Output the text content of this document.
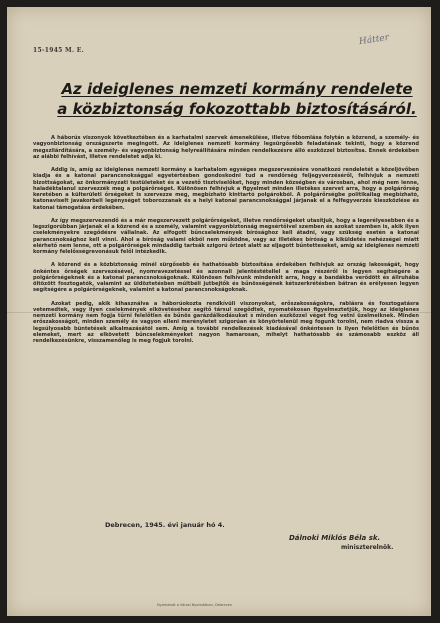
15-1945 M. E.
Hátter
Az ideiglenes nemzeti kormány rendelete
a közbiztonság fokozottabb biztosításáról.

A háborús viszonyok következtében és a karhatalmi szervek ámenekülése, illetve főbomlása folytán a közrend, a személy- és vagyonbiztonság országszerte megingott. Az ideiglenes nemzeti kormány legsürgősebb feladatának tekinti, hogy a közrend megszilárdítására, a személy- és vagyonbiztonság helyreállítására minden rendelkezésre álló eszközzel biztosítsa. Ennek érdekében az alábbi felhívást, illetve rendeletet adja ki.

Addig is, amíg az ideiglenes nemzeti kormány a karhatalom egységes megszervezésére vonatkozó rendeletét a közeljövőben kiadja és a katonai parancsnoksággal egyetértésben gondoskodni tud a rendőrség feljegyverzéséről, felhívjuk a nemzeti bizottságokat, az önkormányzati testületeket és a vezető tisztviselőket, hogy minden községben és városban, ahol még nem lenne, haladéktalanul szervezzék meg a polgárőrséget. Különösen felhívjuk a figyelmet minden illetékes szervet arra, hogy a polgárőrség keretében a külterületi őrségeket is szervezze meg, megbízható kinttartó polgárokból. A polgárőrségbe politikailag megbízható, katonaviselt javakorbeli legénységet toborozzanak és a helyi katonai parancsnoksággal járjanak el a felfegyverzés kieszközlése és katonai támogatása érdekében.

Az így megszervezendő és a már megszervezett polgárőrségeket, illetve rendőrségeket utasítjuk, hogy a legerélyesebben és a legszigorúbban járjanak el a közrend és a személy, valamint vagyonbiztonság megsértőivel szemben és azokat szemben is, akik ilyen cselekményekre szegődésre vállalnak. Az elfogott bűncselekmények bírósághoz kell átadni, vagy szükség esetén a katonai parancsnoksághoz kell vinni. Ahol a bíróság valami okból nem működne, vagy az illetékes bíróság a kiküldetés nehézségei miatt elérhető nem lenne, ott a polgárőrségek mindaddig tartsák szigorú őrizet alatt az eljagott bűntetteseket, amíg az ideiglenes nemzeti kormány felelősségrevonásuk felől intézkedik.

A közrend és a közbiztonság minél sürgősebb és hathatósabb biztosítása érdekében felhívjuk az ország lakosságát, hogy önkéntes őrségek szervezésével, nyomravezetéssel és azonnali jelentéstétellel a maga részéről is legyen segítségére a polgárőrségeknek és a katonai parancsnokságoknak. Különösen felhívunk mindenkit arra, hogy a bandákba verődött és állruhába öltözött fosztogatók, valamint az üldöztetésben múltbéli jutbejtők és bűnösségének kétszerkrétésben bátran és erélyesen legyen segítségére a polgárőrségeknek, valamint a katonai parancsnokságoknak.

Azokat pedig, akik kihasználva a háborúokozta rendkívüli viszonyokat, erőszakosságokra, rablásra és fosztogatásra vetemedtek, vagy ilyen cselekmények elkövetéséhez segítő társul szegődtek, nyomatékosan figyelmeztetjük, hogy az ideiglenes nemzeti kormány nem fogja tűrni felelőtlen és bűnös garázdálkodásukat s minden eszközzel véget fog vetni üzelmeiknek. Minden erőszakosságot, minden személy és vagyon elleni merényletet szigorúan és könyörtelenül meg fogunk torolni, nem riadva vissza a legsúlyosabb büntetések alkalmazásától sem. Amíg a további rendelkezések kiadásával önkéntesen is ilyen felelőtlen és bűnös elemeket, mert az elkövetett bűncselekményeket nagyon hamarosan, mihelyt hathatósabb és számosabb eszköz áll rendelkezésünkre, visszamenőleg is meg fogjuk torolni.

Debrecen, 1945. évi január hó 4.
Dálnoki Miklós Béla sk.
miniszterelnök.
Nyomatott a Városi Nyomdában, Debrecen
